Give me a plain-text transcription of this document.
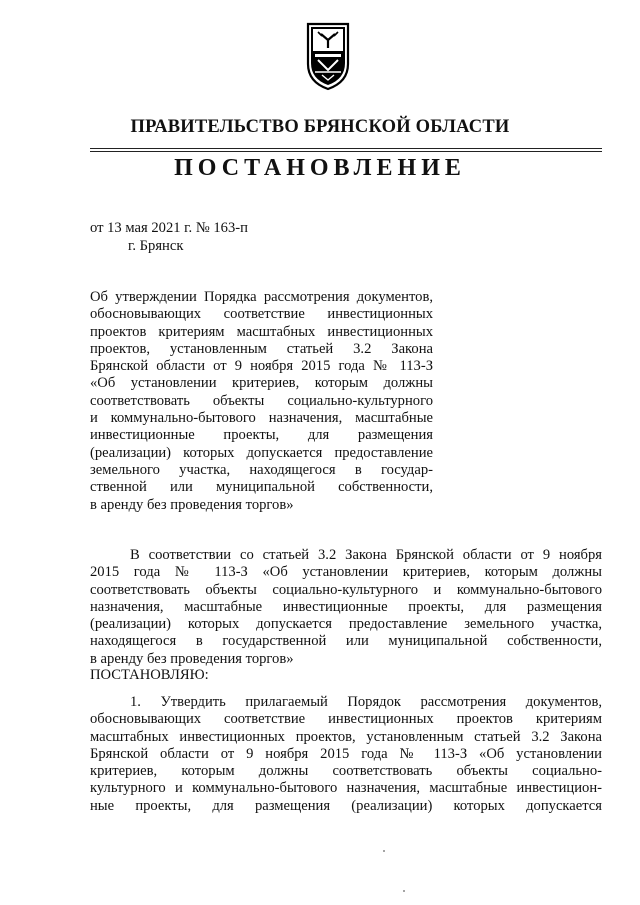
ПРАВИТЕЛЬСТВО БРЯНСКОЙ ОБЛАСТИ
ПОСТАНОВЛЕНИЕ
от 13 мая 2021 г. № 163-п
г. Брянск
Об утверждении Порядка рассмотрения документов,
обосновывающих соответствие инвестиционных
проектов критериям масштабных инвестиционных
проектов, установленным статьей 3.2 Закона
Брянской области от 9 ноября 2015 года № 113-З
«Об установлении критериев, которым должны
соответствовать объекты социально-культурного
и коммунально-бытового назначения, масштабные
инвестиционные проекты, для размещения
(реализации) которых допускается предоставление
земельного участка, находящегося в государ-
ственной или муниципальной собственности,
в аренду без проведения торгов»
В соответствии со статьей 3.2 Закона Брянской области от 9 ноября
2015 года № 113-З «Об установлении критериев, которым должны
соответствовать объекты социально-культурного и коммунально-бытового
назначения, масштабные инвестиционные проекты, для размещения
(реализации) которых допускается предоставление земельного участка,
находящегося в государственной или муниципальной собственности,
в аренду без проведения торгов»
ПОСТАНОВЛЯЮ:
1. Утвердить прилагаемый Порядок рассмотрения документов,
обосновывающих соответствие инвестиционных проектов критериям
масштабных инвестиционных проектов, установленным статьей 3.2 Закона
Брянской области от 9 ноября 2015 года № 113-З «Об установлении
критериев, которым должны соответствовать объекты социально-
культурного и коммунально-бытового назначения, масштабные инвестицион-
ные проекты, для размещения (реализации) которых допускается
